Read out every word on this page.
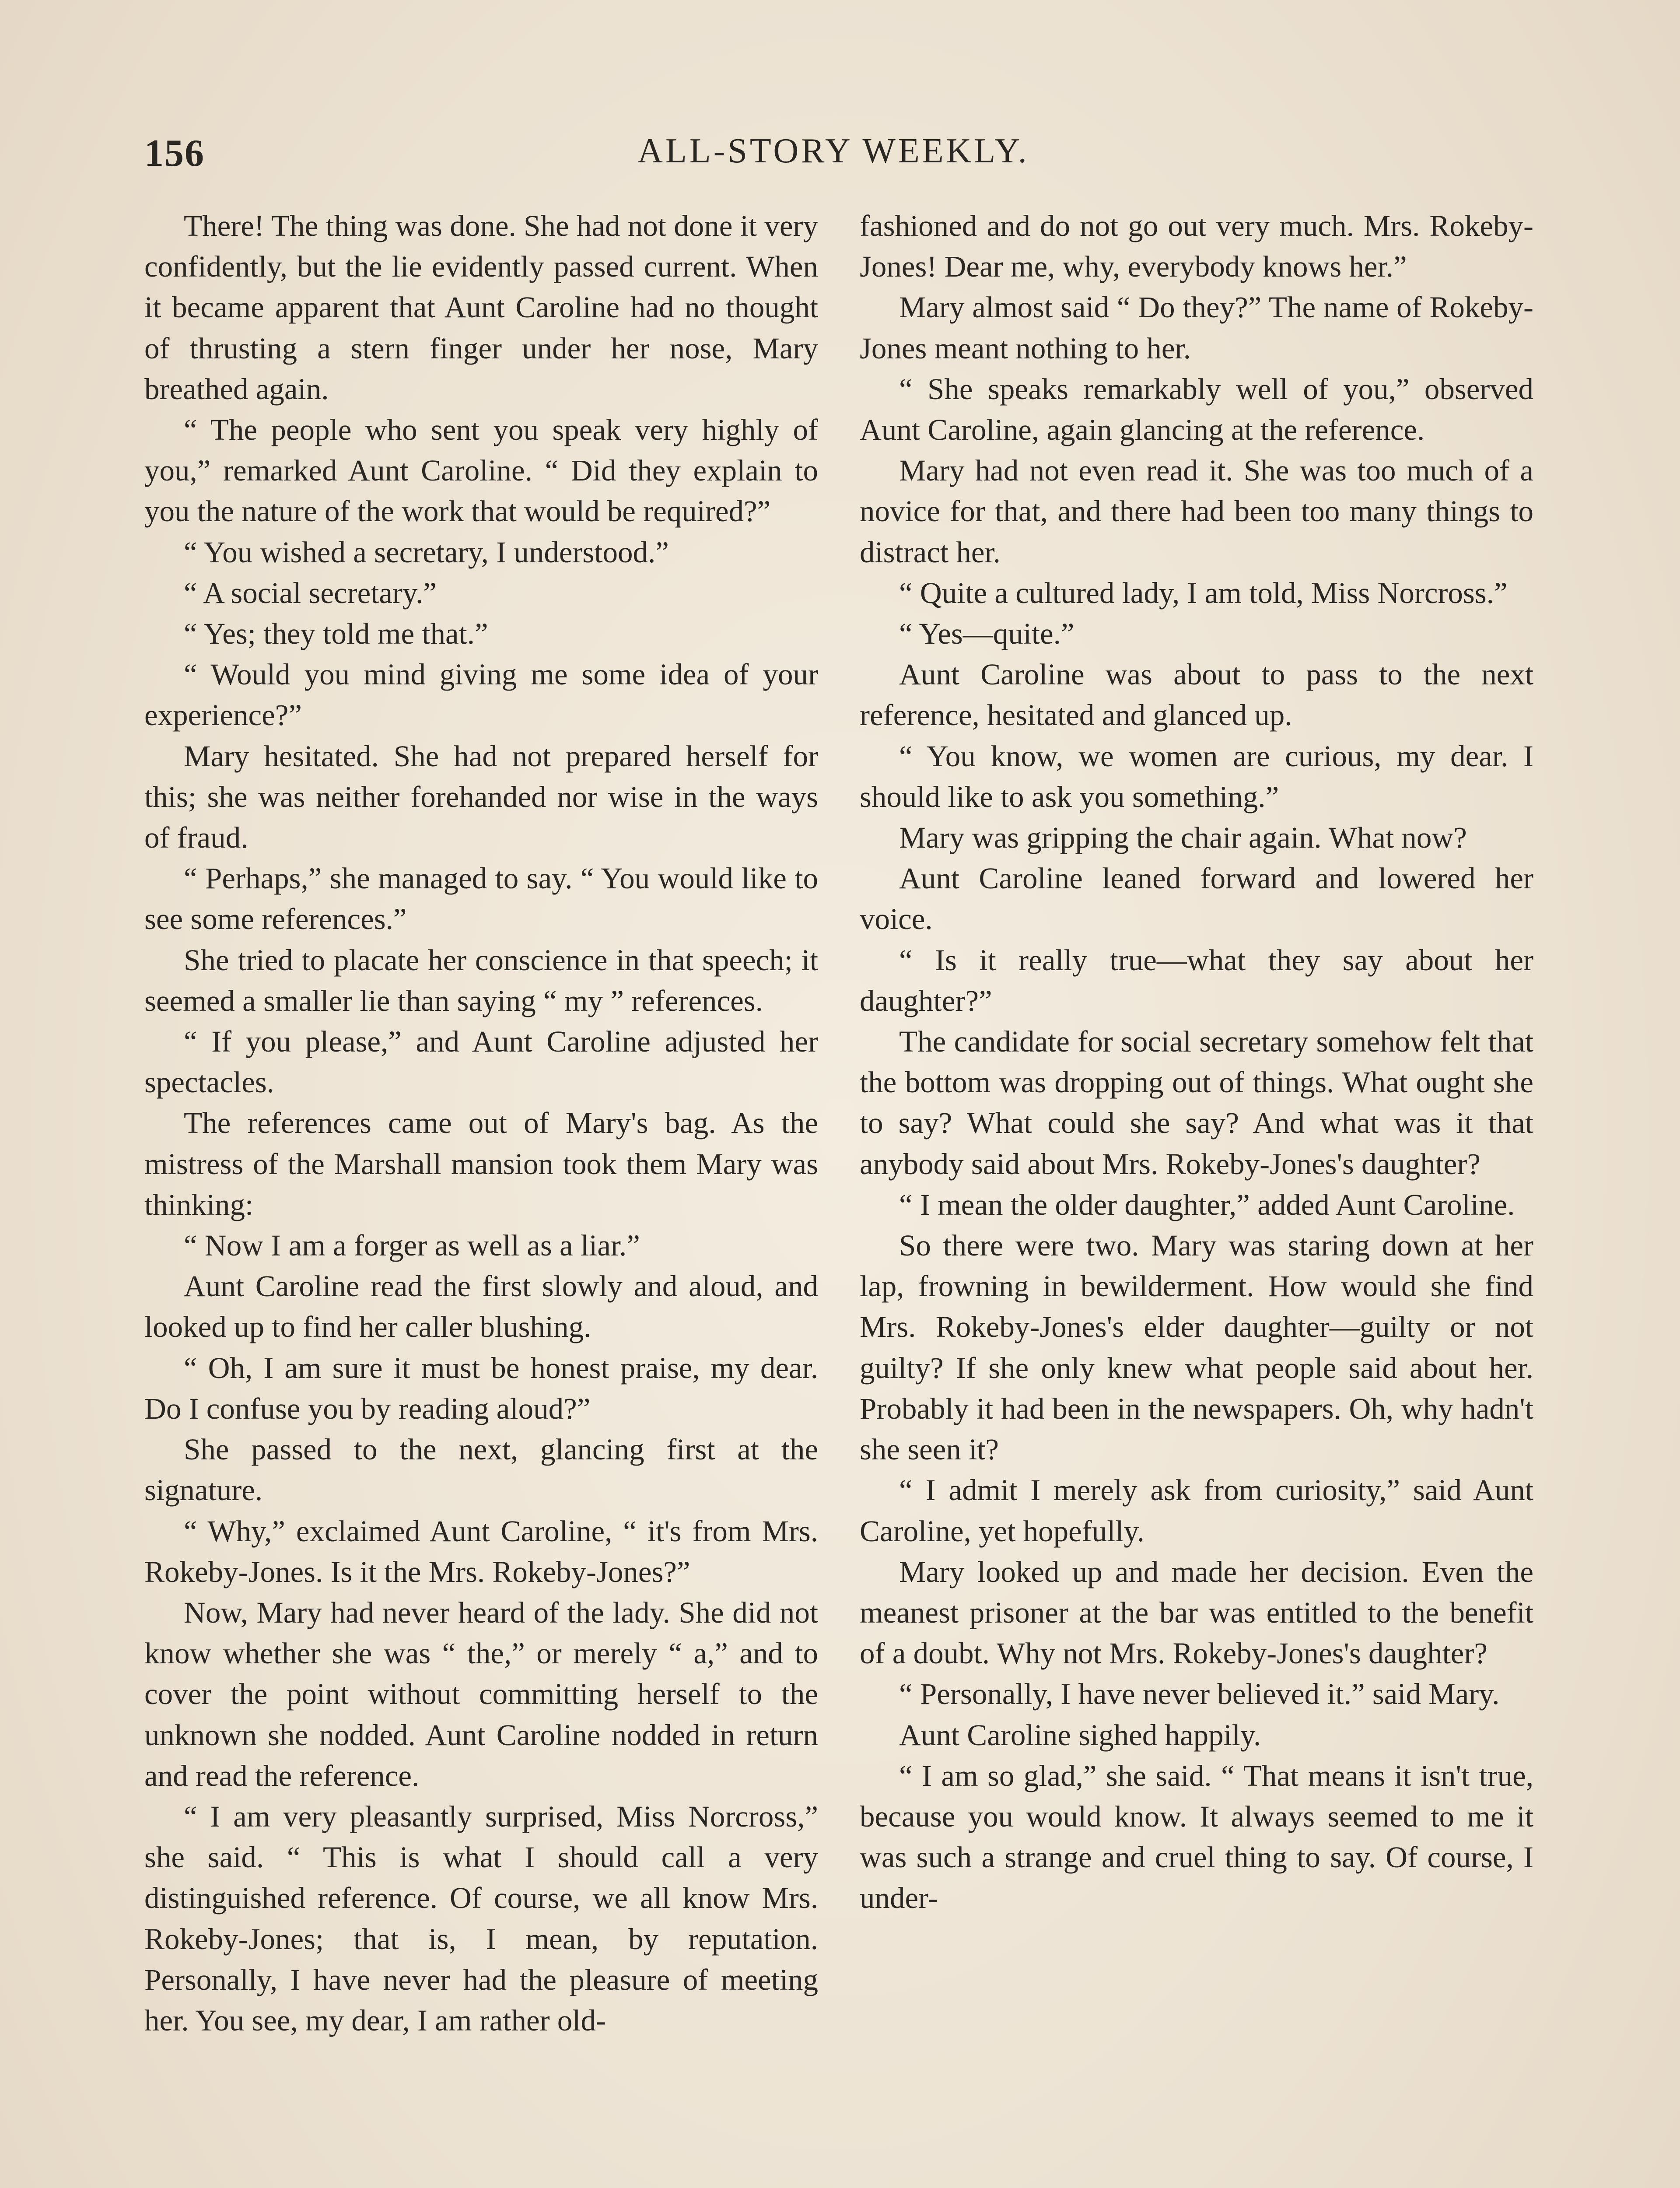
156	ALL-STORY WEEKLY.

There! The thing was done. She had not done it very confidently, but the lie evidently passed current. When it became apparent that Aunt Caroline had no thought of thrusting a stern finger under her nose, Mary breathed again.

“ The people who sent you speak very highly of you,” remarked Aunt Caroline. “ Did they explain to you the nature of the work that would be required?”

“ You wished a secretary, I understood.”

“ A social secretary.”

“ Yes; they told me that.”

“ Would you mind giving me some idea of your experience?”

Mary hesitated. She had not prepared herself for this; she was neither forehanded nor wise in the ways of fraud.

“ Perhaps,” she managed to say. “ You would like to see some references.”

She tried to placate her conscience in that speech; it seemed a smaller lie than saying “ my ” references.

“ If you please,” and Aunt Caroline adjusted her spectacles.

The references came out of Mary's bag. As the mistress of the Marshall mansion took them Mary was thinking:

“ Now I am a forger as well as a liar.”

Aunt Caroline read the first slowly and aloud, and looked up to find her caller blushing.

“ Oh, I am sure it must be honest praise, my dear. Do I confuse you by reading aloud?”

She passed to the next, glancing first at the signature.

“ Why,” exclaimed Aunt Caroline, “ it's from Mrs. Rokeby-Jones. Is it the Mrs. Rokeby-Jones?”

Now, Mary had never heard of the lady. She did not know whether she was “ the,” or merely “ a,” and to cover the point without committing herself to the unknown she nodded. Aunt Caroline nodded in return and read the reference.

“ I am very pleasantly surprised, Miss Norcross,” she said. “ This is what I should call a very distinguished reference. Of course, we all know Mrs. Rokeby-Jones; that is, I mean, by reputation. Personally, I have never had the pleasure of meeting her. You see, my dear, I am rather old-

fashioned and do not go out very much. Mrs. Rokeby-Jones! Dear me, why, everybody knows her.”

Mary almost said “ Do they?” The name of Rokeby-Jones meant nothing to her.

“ She speaks remarkably well of you,” observed Aunt Caroline, again glancing at the reference.

Mary had not even read it. She was too much of a novice for that, and there had been too many things to distract her.

“ Quite a cultured lady, I am told, Miss Norcross.”

“ Yes—quite.”

Aunt Caroline was about to pass to the next reference, hesitated and glanced up.

“ You know, we women are curious, my dear. I should like to ask you something.”

Mary was gripping the chair again. What now?

Aunt Caroline leaned forward and lowered her voice.

“ Is it really true—what they say about her daughter?”

The candidate for social secretary somehow felt that the bottom was dropping out of things. What ought she to say? What could she say? And what was it that anybody said about Mrs. Rokeby-Jones's daughter?

“ I mean the older daughter,” added Aunt Caroline.

So there were two. Mary was staring down at her lap, frowning in bewilderment. How would she find Mrs. Rokeby-Jones's elder daughter—guilty or not guilty? If she only knew what people said about her. Probably it had been in the newspapers. Oh, why hadn't she seen it?

“ I admit I merely ask from curiosity,” said Aunt Caroline, yet hopefully.

Mary looked up and made her decision. Even the meanest prisoner at the bar was entitled to the benefit of a doubt. Why not Mrs. Rokeby-Jones's daughter?

“ Personally, I have never believed it.” said Mary.

Aunt Caroline sighed happily.

“ I am so glad,” she said. “ That means it isn't true, because you would know. It always seemed to me it was such a strange and cruel thing to say. Of course, I under-
